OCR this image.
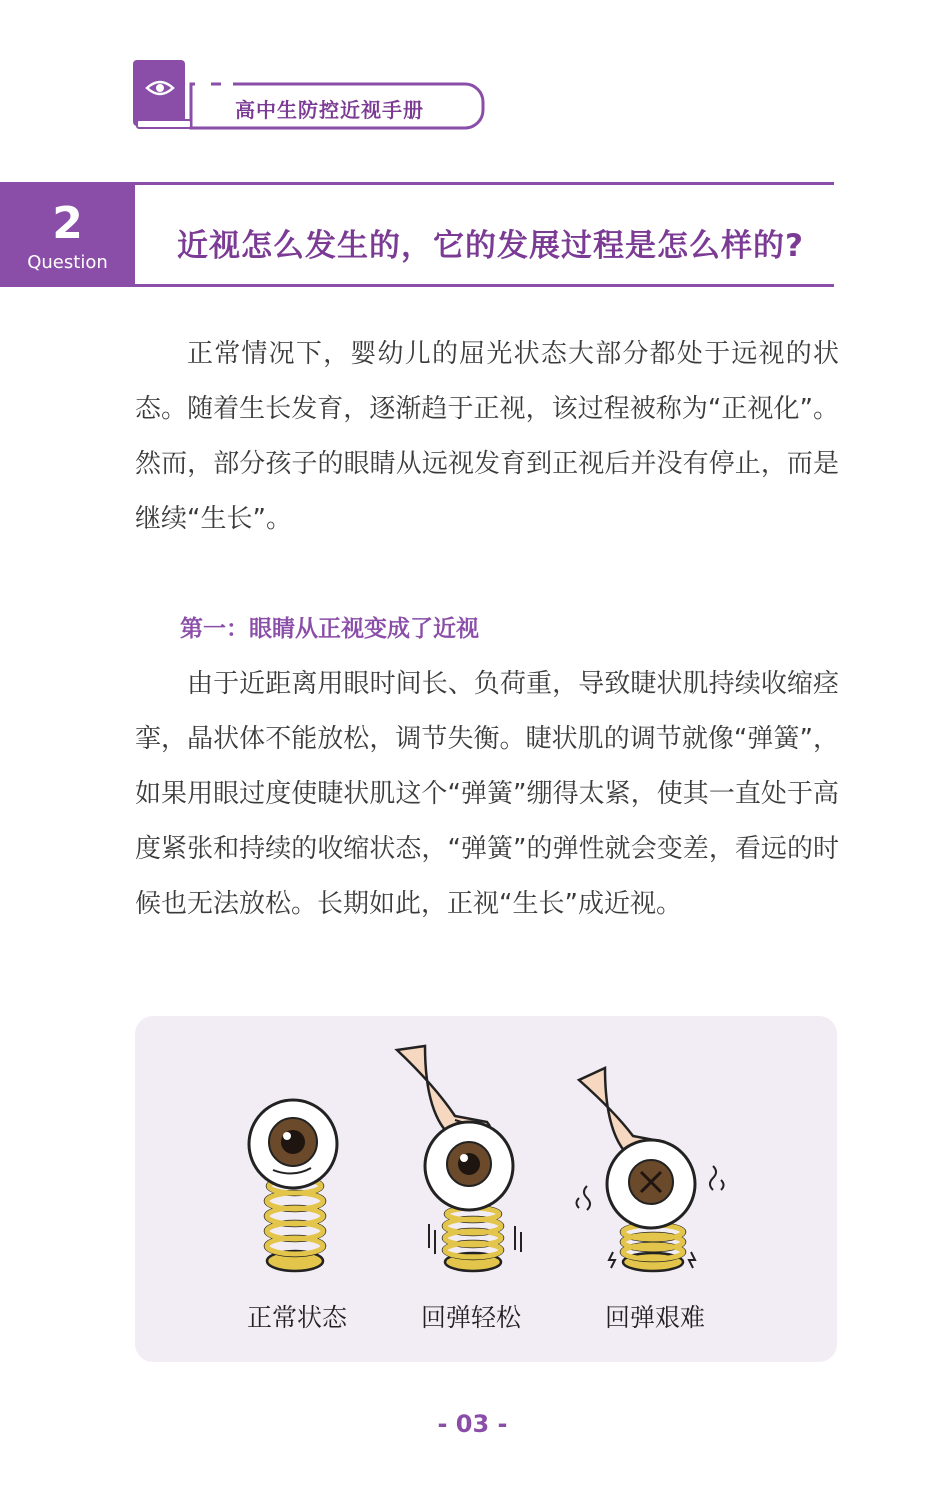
高中生防控近视手册
2
Question	近视怎么发生的，它的发展过程是怎么样的?

正常情况下，婴幼儿的屈光状态大部分都处于远视的状态。随着生长发育，逐渐趋于正视，该过程被称为“正视化”。然而，部分孩子的眼睛从远视发育到正视后并没有停止，而是继续“生长”。

第一：眼睛从正视变成了近视

由于近距离用眼时间长、负荷重，导致睫状肌持续收缩痉挛，晶状体不能放松，调节失衡。睫状肌的调节就像“弹簧”，如果用眼过度使睫状肌这个“弹簧”绷得太紧，使其一直处于高度紧张和持续的收缩状态，“弹簧”的弹性就会变差，看远的时候也无法放松。长期如此，正视“生长”成近视。

正常状态	回弹轻松	回弹艰难
- 03 -
